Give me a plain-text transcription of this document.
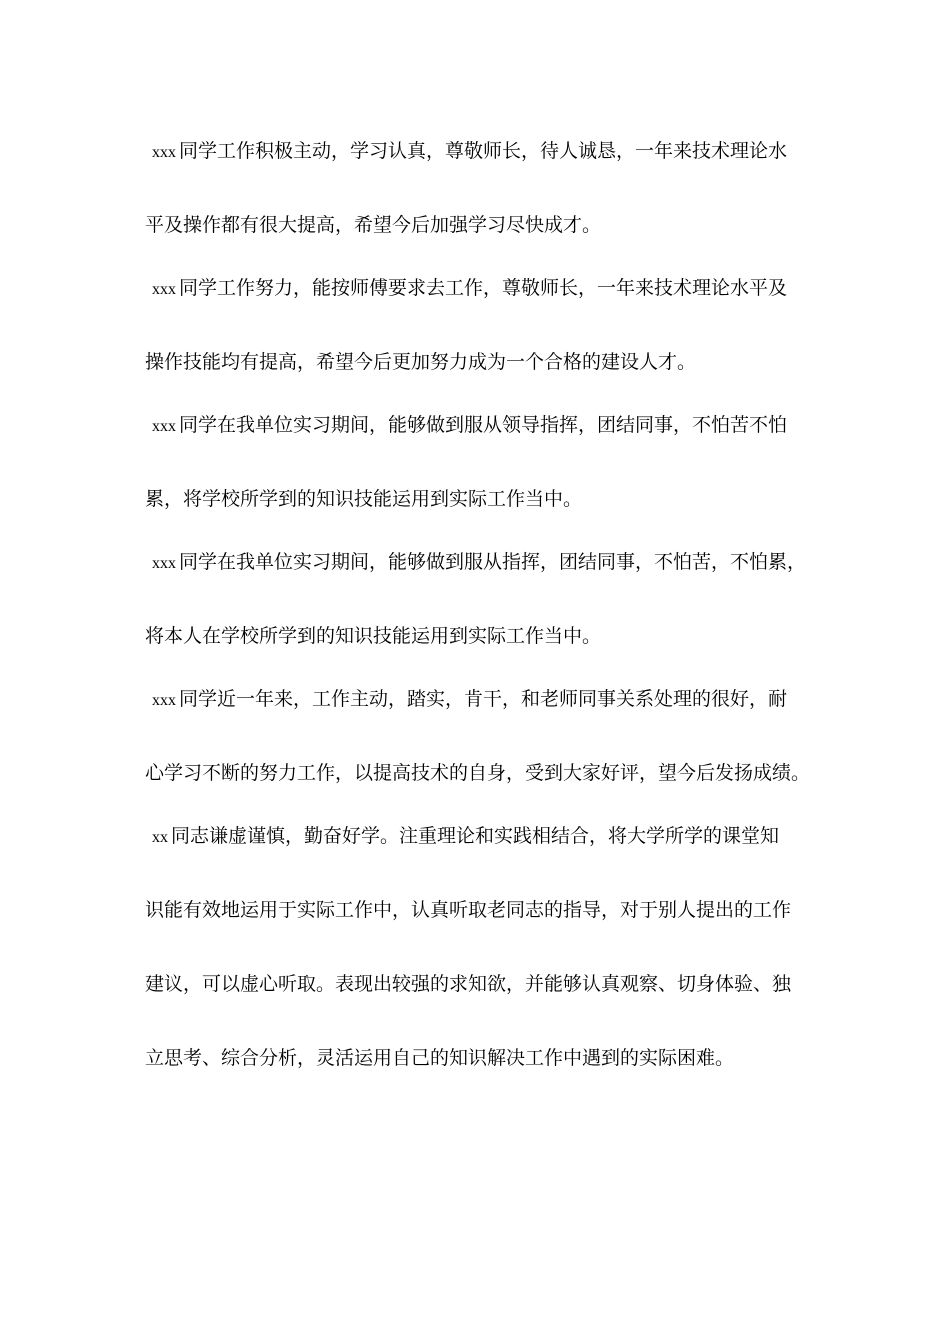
xxx 同学工作积极主动，学习认真，尊敬师长，待人诚恳，一年来技术理论水
平及操作都有很大提高，希望今后加强学习尽快成才。
xxx 同学工作努力，能按师傅要求去工作，尊敬师长，一年来技术理论水平及
操作技能均有提高，希望今后更加努力成为一个合格的建设人才。
xxx 同学在我单位实习期间，能够做到服从领导指挥，团结同事，不怕苦不怕
累，将学校所学到的知识技能运用到实际工作当中。
xxx 同学在我单位实习期间，能够做到服从指挥，团结同事，不怕苦，不怕累，
将本人在学校所学到的知识技能运用到实际工作当中。
xxx 同学近一年来，工作主动，踏实，肯干，和老师同事关系处理的很好，耐
心学习不断的努力工作，以提高技术的自身，受到大家好评，望今后发扬成绩。
xx 同志谦虚谨慎，勤奋好学。注重理论和实践相结合，将大学所学的课堂知
识能有效地运用于实际工作中，认真听取老同志的指导，对于别人提出的工作
建议，可以虚心听取。表现出较强的求知欲，并能够认真观察、切身体验、独
立思考、综合分析，灵活运用自己的知识解决工作中遇到的实际困难。
